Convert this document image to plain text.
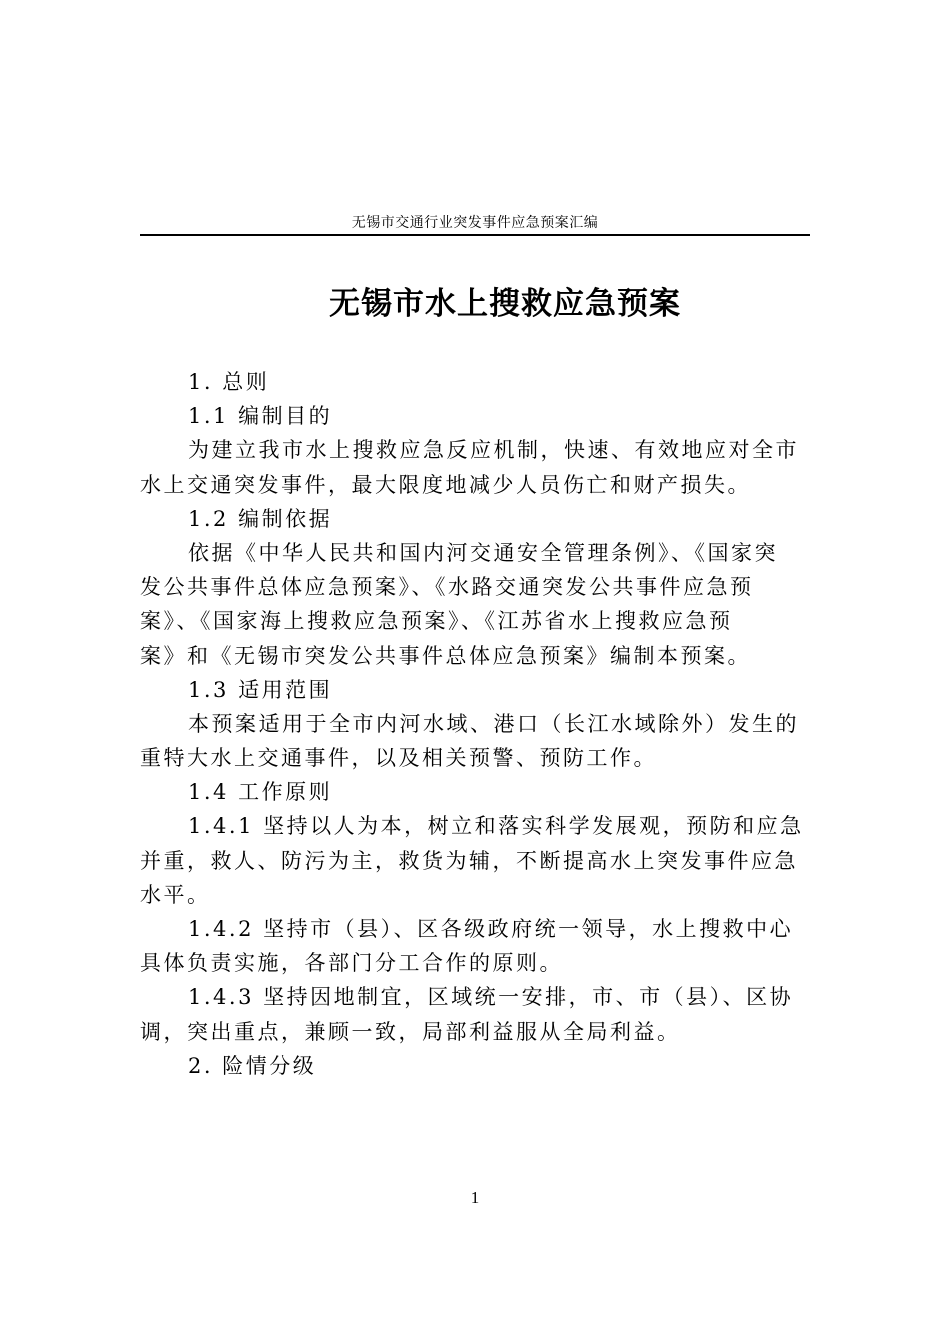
无锡市交通行业突发事件应急预案汇编
无锡市水上搜救应急预案
1. 总则
1.1 编制目的
为建立我市水上搜救应急反应机制，快速、有效地应对全市
水上交通突发事件，最大限度地减少人员伤亡和财产损失。
1.2 编制依据
依据《中华人民共和国内河交通安全管理条例》、《国家突
发公共事件总体应急预案》、《水路交通突发公共事件应急预
案》、《国家海上搜救应急预案》、《江苏省水上搜救应急预
案》和《无锡市突发公共事件总体应急预案》编制本预案。
1.3 适用范围
本预案适用于全市内河水域、港口（长江水域除外）发生的
重特大水上交通事件，以及相关预警、预防工作。
1.4 工作原则
1.4.1 坚持以人为本，树立和落实科学发展观，预防和应急
并重，救人、防污为主，救货为辅，不断提高水上突发事件应急
水平。
1.4.2 坚持市（县）、区各级政府统一领导，水上搜救中心
具体负责实施，各部门分工合作的原则。
1.4.3 坚持因地制宜，区域统一安排，市、市（县）、区协
调，突出重点，兼顾一致，局部利益服从全局利益。
2. 险情分级
1
